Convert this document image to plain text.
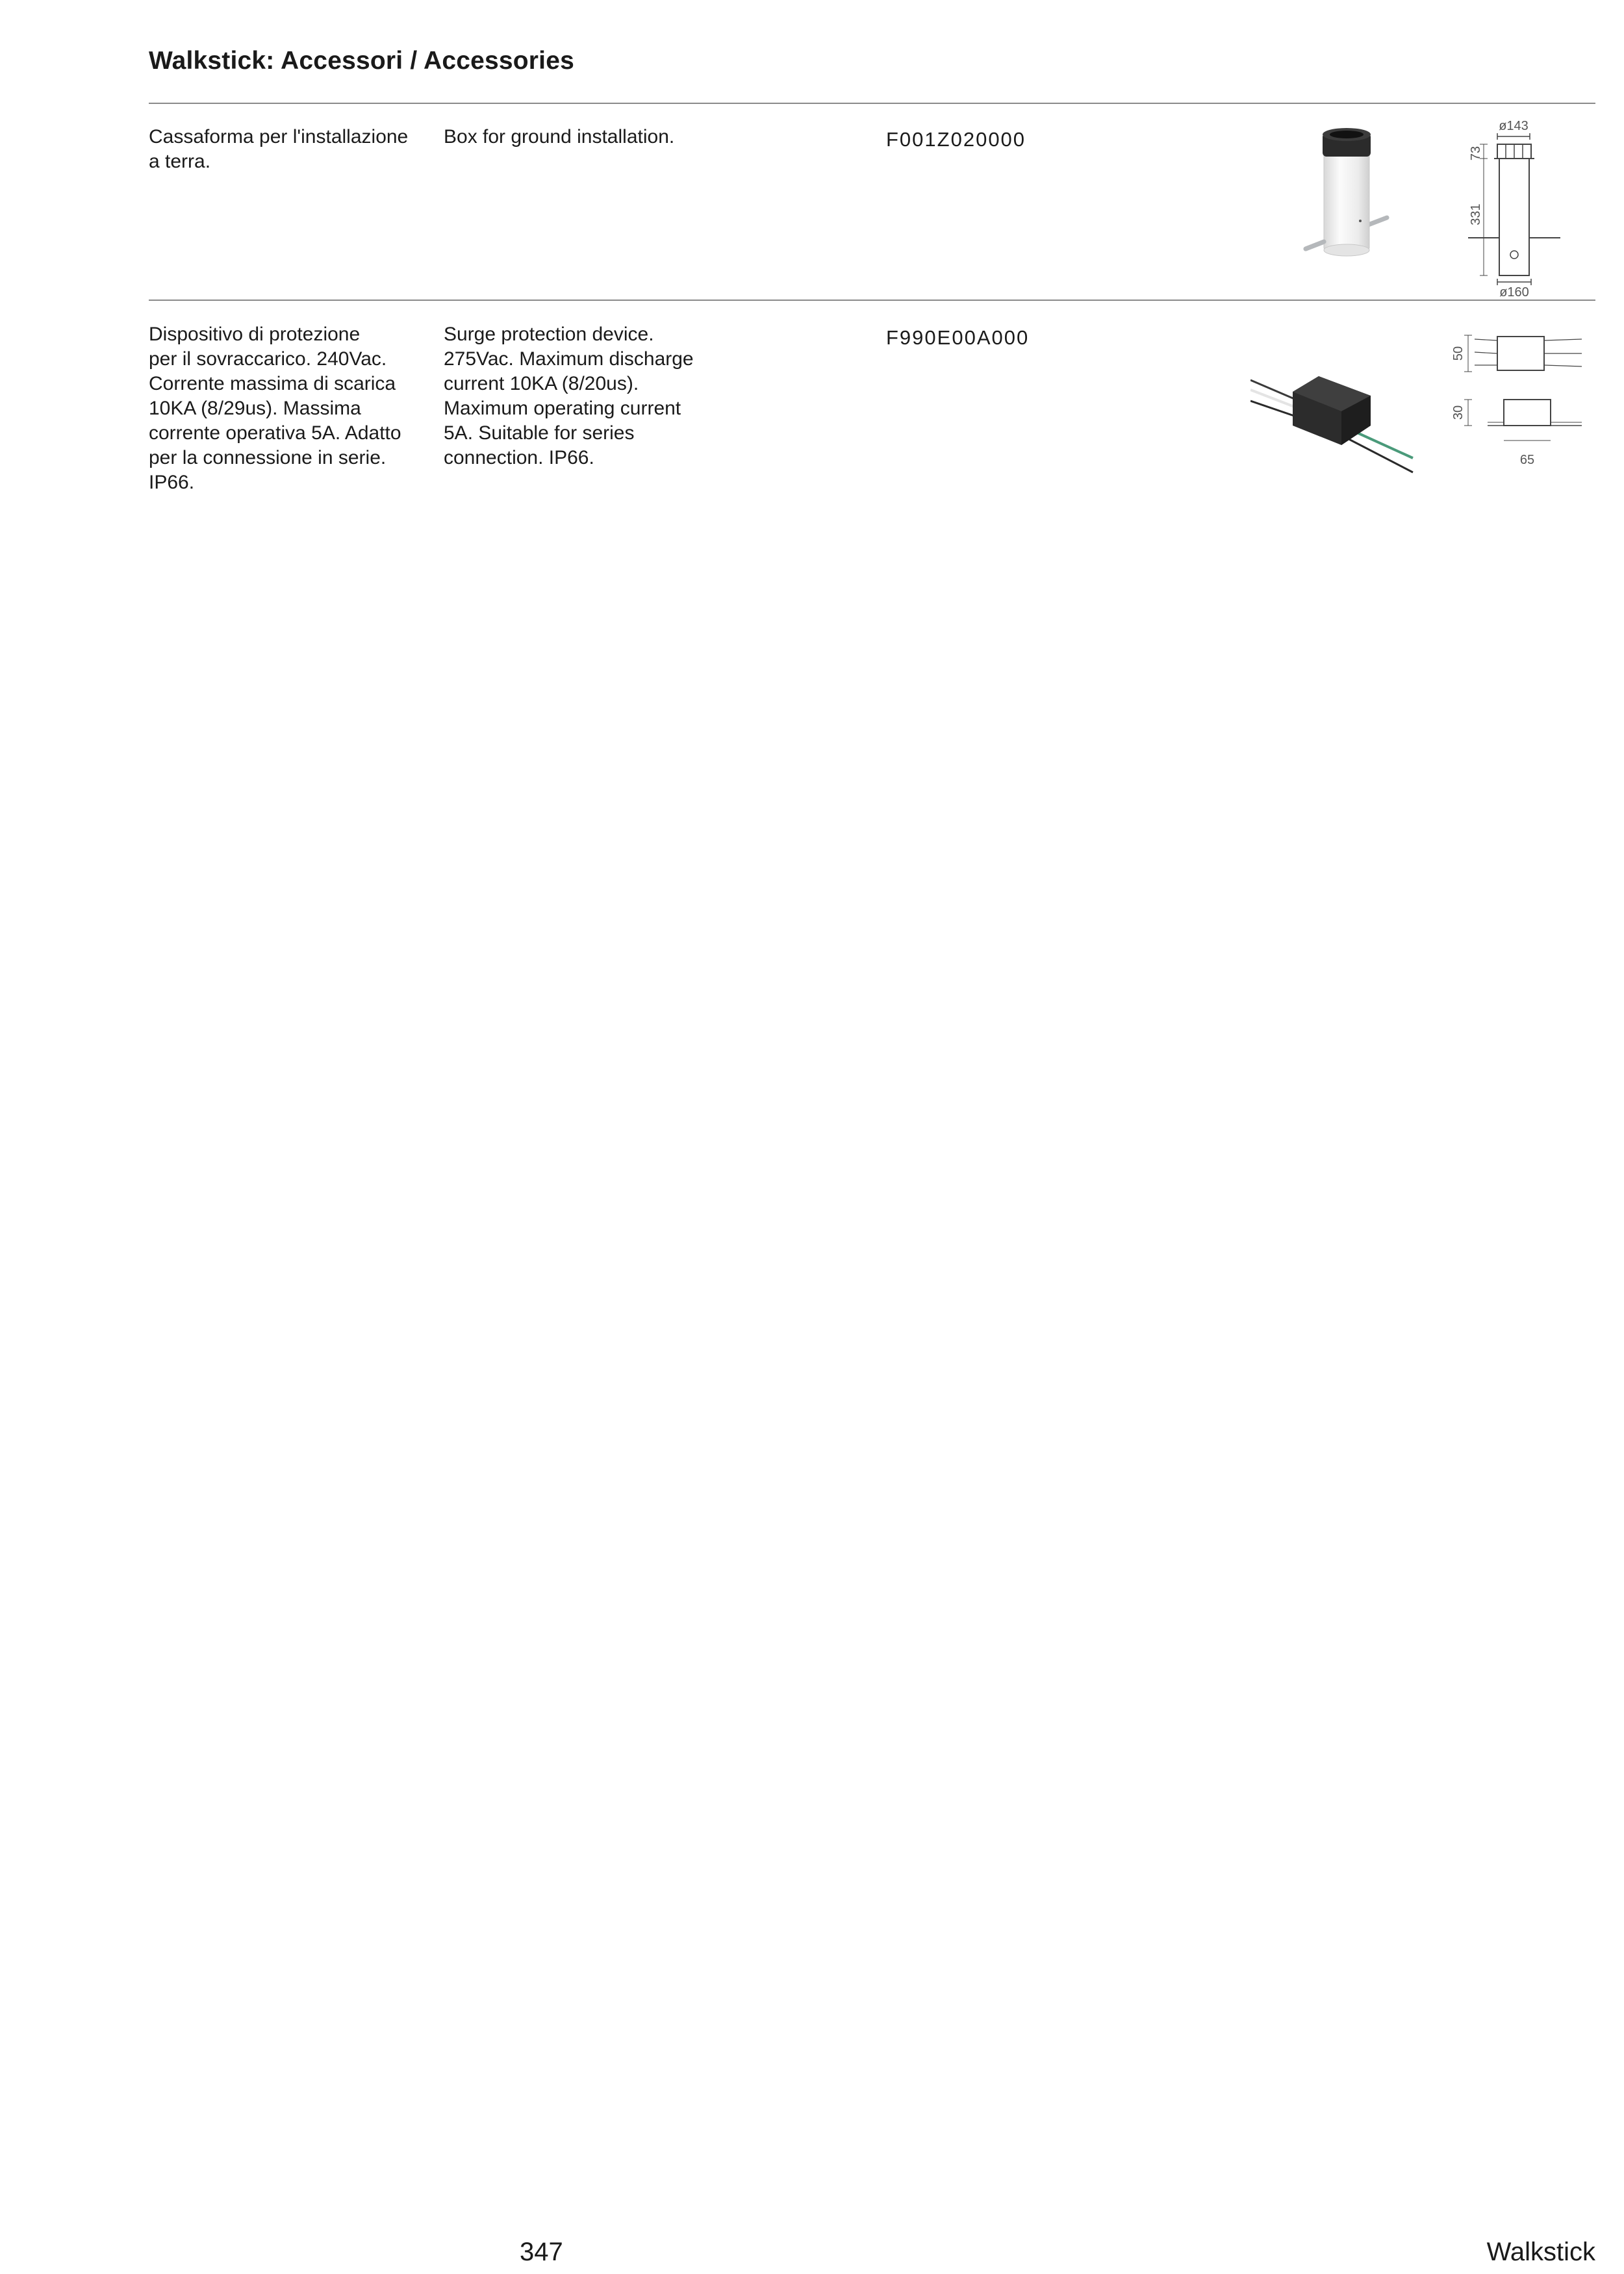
Walkstick: Accessori / Accessories
Cassaforma per l'installazione
a terra.
Box for ground installation.	F001Z020000
ø143
73
331
ø160
Dispositivo di protezione
per il sovraccarico. 240Vac.
Corrente massima di scarica
10KA (8/29us). Massima
corrente operativa 5A. Adatto
per la connessione in serie.
IP66.
Surge protection device.
275Vac. Maximum discharge
current 10KA (8/20us).
Maximum operating current
5A. Suitable for series
connection. IP66.
F990E00A000
50
30
65
347	Walkstick
